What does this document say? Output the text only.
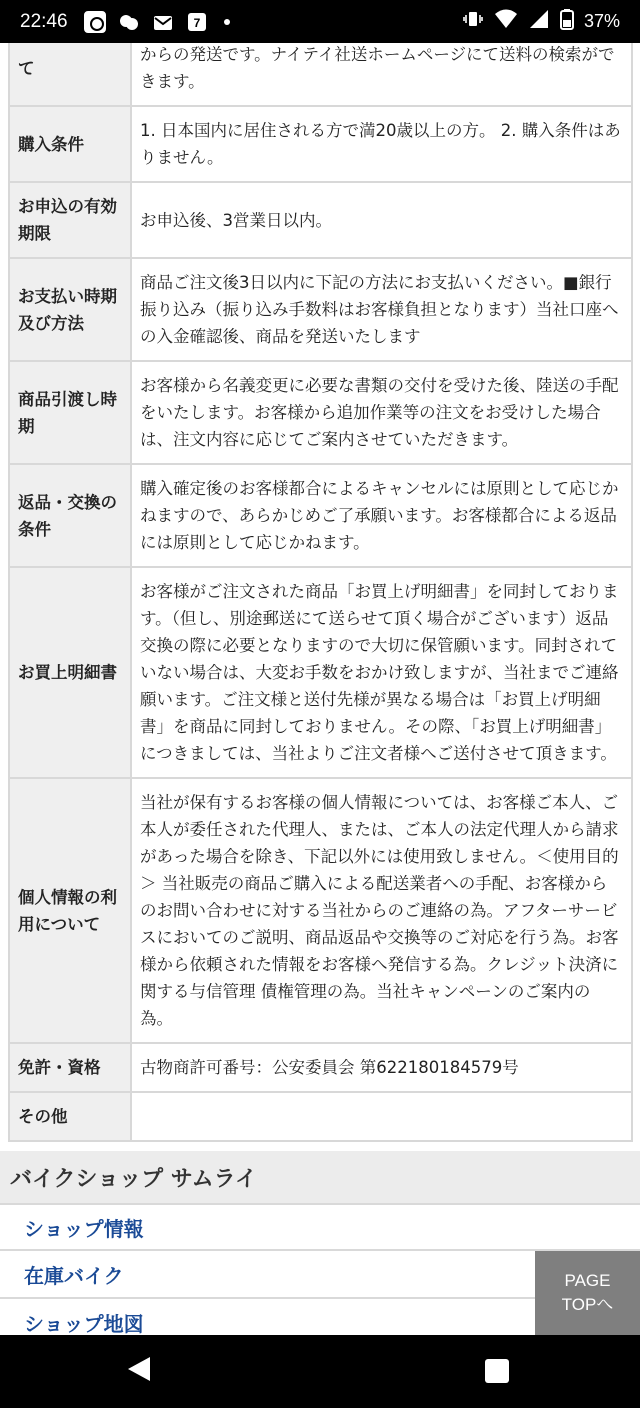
22:46	7	37%
て	からの発送です。ナイテイ社送ホームページにて送料の検索ができます。
購入条件	1. 日本国内に居住される方で満20歳以上の方。 2. 購入条件はありません。
お申込の有効期限	お申込後、3営業日以内。
お支払い時期及び方法	商品ご注文後3日以内に下記の方法にお支払いください。■銀行振り込み（振り込み手数料はお客様負担となります）当社口座への入金確認後、商品を発送いたします
商品引渡し時期	お客様から名義変更に必要な書類の交付を受けた後、陸送の手配をいたします。お客様から追加作業等の注文をお受けした場合は、注文内容に応じてご案内させていただきます。
返品・交換の条件	購入確定後のお客様都合によるキャンセルには原則として応じかねますので、あらかじめご了承願います。お客様都合による返品には原則として応じかねます。
お買上明細書	お客様がご注文された商品「お買上げ明細書」を同封しております。（但し、別途郵送にて送らせて頂く場合がございます）返品 交換の際に必要となりますので大切に保管願います。同封されていない場合は、大変お手数をおかけ致しますが、当社までご連絡願います。ご注文様と送付先様が異なる場合は「お買上げ明細書」を商品に同封しておりません。その際、「お買上げ明細書」につきましては、当社よりご注文者様へご送付させて頂きます。
個人情報の利用について	当社が保有するお客様の個人情報については、お客様ご本人、ご本人が委任された代理人、または、ご本人の法定代理人から請求があった場合を除き、下記以外には使用致しません。＜使用目的＞ 当社販売の商品ご購入による配送業者への手配、お客様からのお問い合わせに対する当社からのご連絡の為。アフターサービスにおいてのご説明、商品返品や交換等のご対応を行う為。お客様から依頼された情報をお客様へ発信する為。クレジット決済に関する与信管理 債権管理の為。当社キャンペーンのご案内の為。
免許・資格	古物商許可番号：公安委員会 第622180184579号
その他	
バイクショップ サムライ
ショップ情報
在庫バイク
ショップ地図
PAGE
TOPへ
